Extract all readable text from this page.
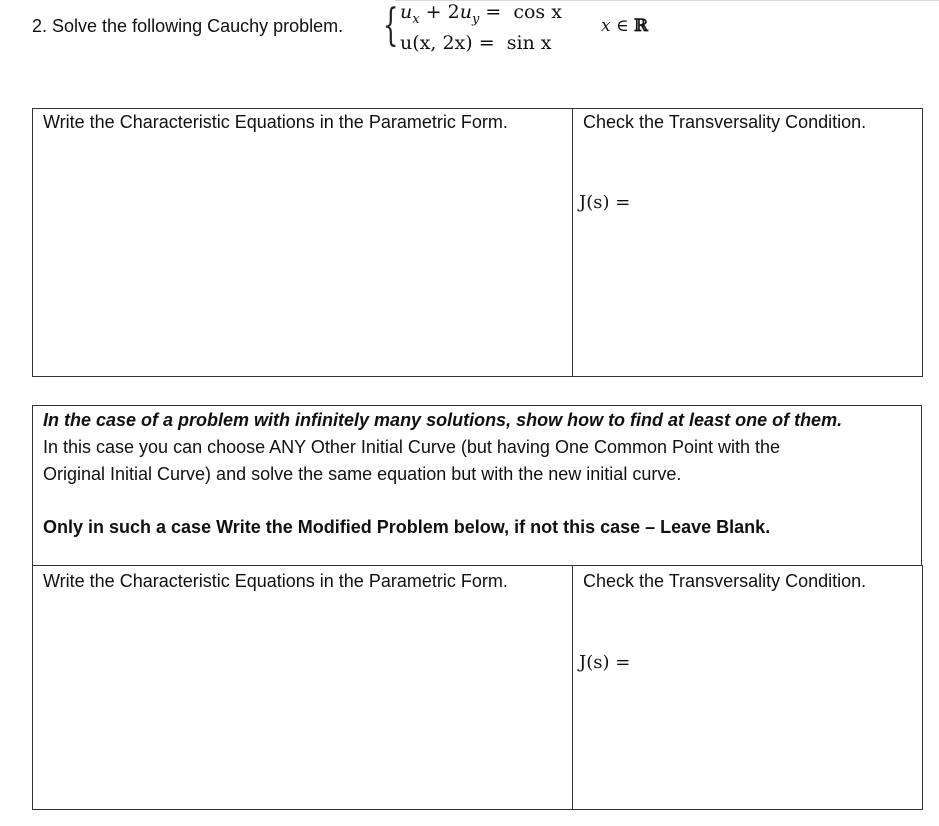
2. Solve the following Cauchy problem. { $u_x + 2u_y = \cos x$
u(x, 2x) =  sin x
x ∈ ℝ
Write the Characteristic Equations in the Parametric Form.	Check the Transversality Condition.
J(s) =

In the case of a problem with infinitely many solutions, show how to find at least one of them.

In this case you can choose ANY Other Initial Curve (but having One Common Point with the

Original Initial Curve) and solve the same equation but with the new initial curve.

Only in such a case Write the Modified Problem below, if not this case – Leave Blank.

Write the Characteristic Equations in the Parametric Form.	Check the Transversality Condition.
J(s) =
